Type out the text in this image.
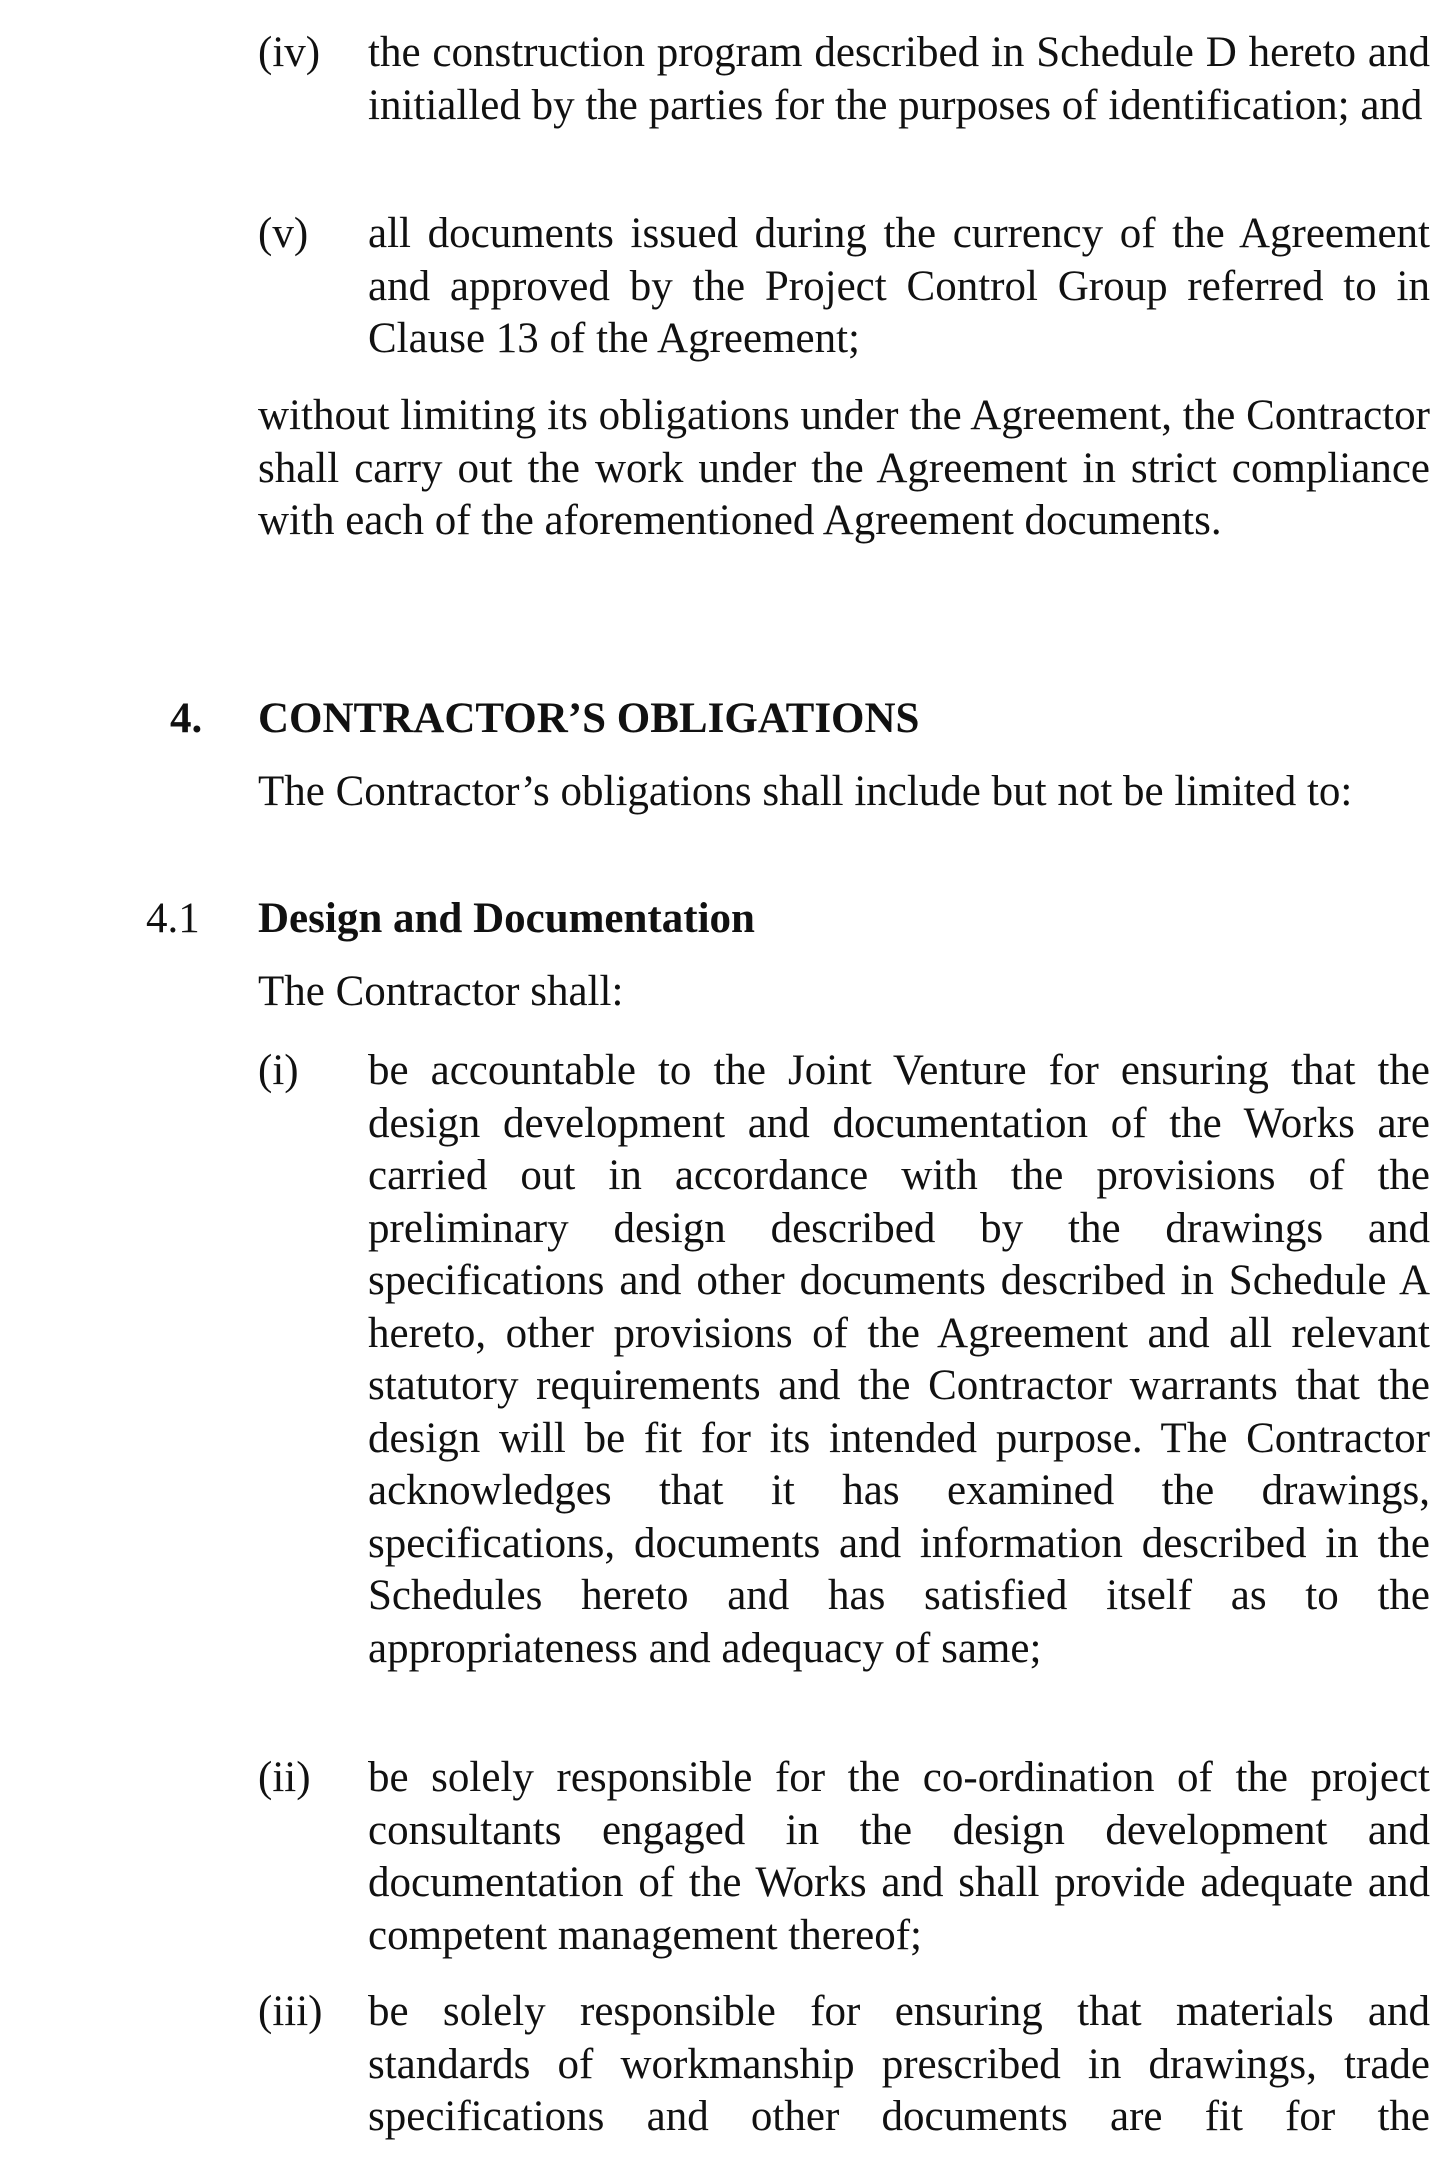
(iv) the construction program described in Schedule D hereto and initialled by the parties for the purposes of identification; and

(v) all documents issued during the currency of the Agreement and approved by the Project Control Group referred to in Clause 13 of the Agreement;

without limiting its obligations under the Agreement, the Contractor shall carry out the work under the Agreement in strict compliance with each of the aforementioned Agreement documents.

4. CONTRACTOR’S OBLIGATIONS

The Contractor’s obligations shall include but not be limited to:

4.1 Design and Documentation

The Contractor shall:

(i) be accountable to the Joint Venture for ensuring that the design development and documentation of the Works are carried out in accordance with the provisions of the preliminary design described by the drawings and specifications and other documents described in Schedule A hereto, other provisions of the Agreement and all relevant statutory requirements and the Contractor warrants that the design will be fit for its intended purpose. The Contractor acknowledges that it has examined the drawings, specifications, documents and information described in the Schedules hereto and has satisfied itself as to the appropriateness and adequacy of same;

(ii) be solely responsible for the co-ordination of the project consultants engaged in the design development and documentation of the Works and shall provide adequate and competent management thereof;

(iii) be solely responsible for ensuring that materials and standards of workmanship prescribed in drawings, trade specifications and other documents are fit for the
